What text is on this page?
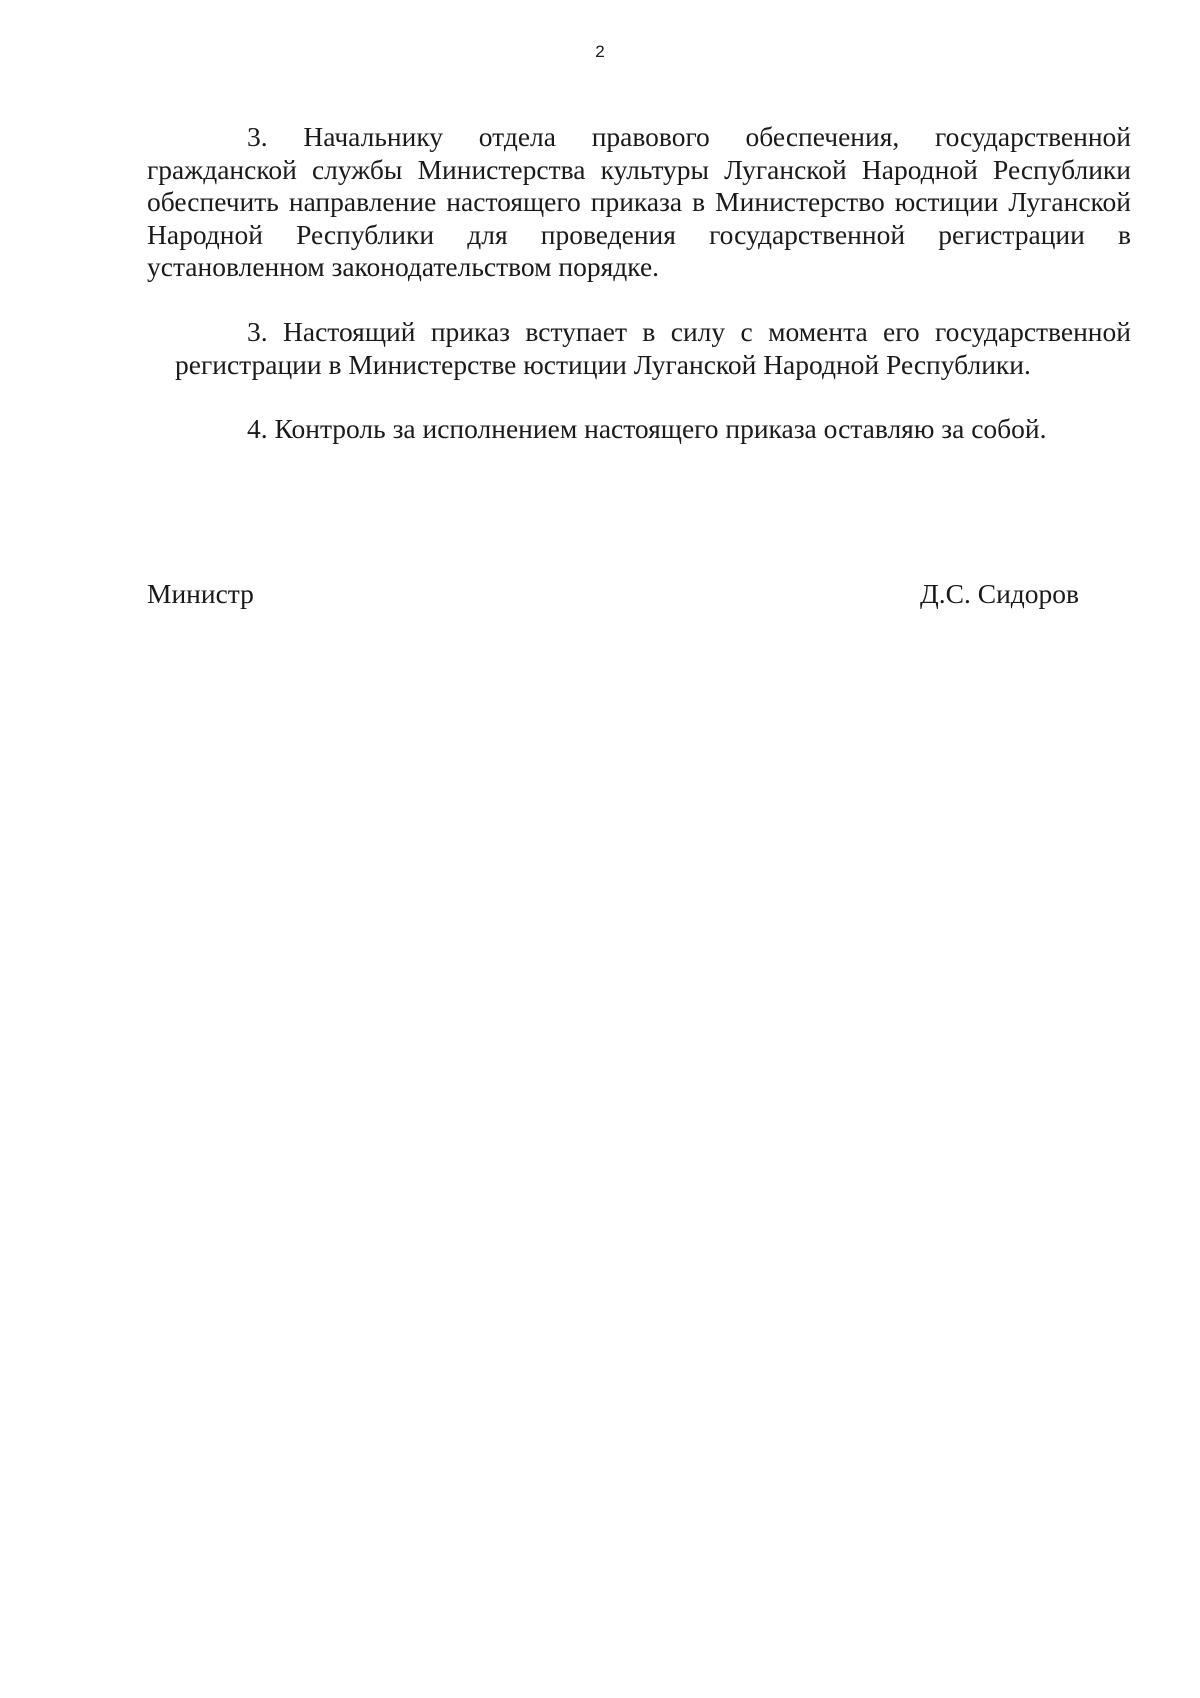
2

3. Начальнику отдела правового обеспечения, государственной гражданской службы Министерства культуры Луганской Народной Республики обеспечить направление настоящего приказа в Министерство юстиции Луганской Народной Республики для проведения государственной регистрации в установленном законодательством порядке.

3. Настоящий приказ вступает в силу с момента его государственной регистрации в Министерстве юстиции Луганской Народной Республики.

4. Контроль за исполнением настоящего приказа оставляю за собой.

Министр	Д.С. Сидоров
